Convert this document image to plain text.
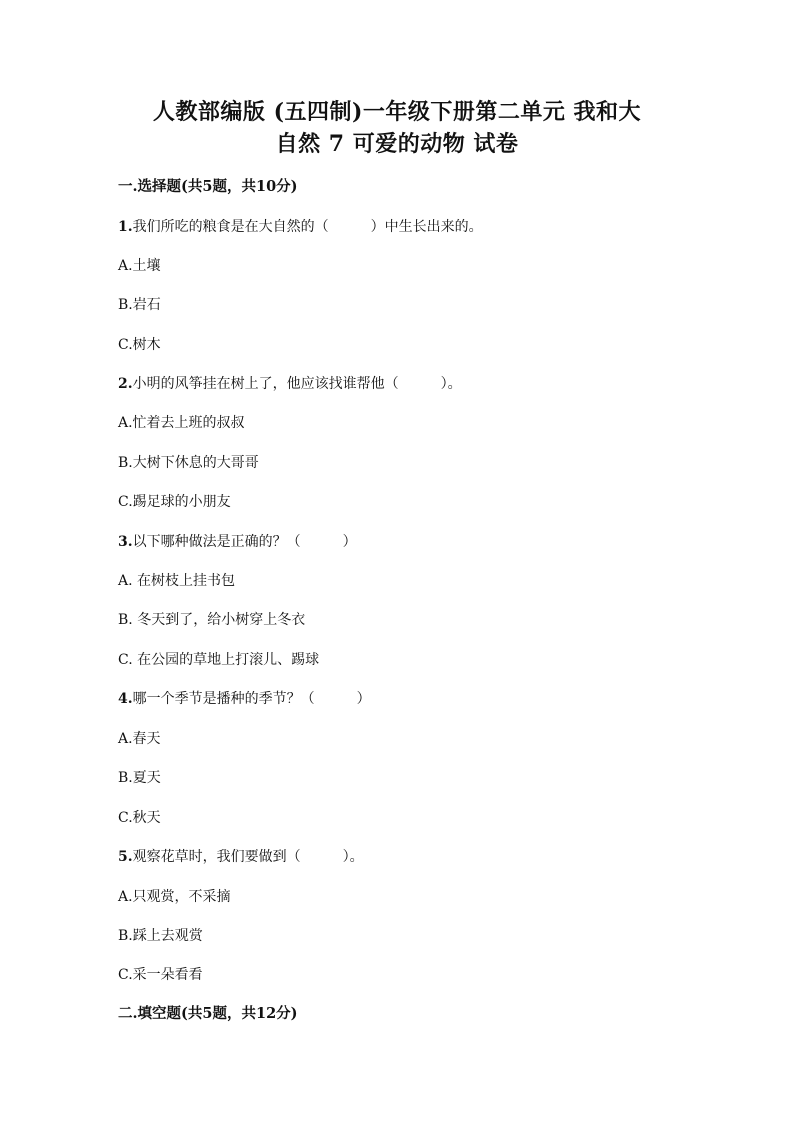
人教部编版 (五四制)一年级下册第二单元 我和大
自然 7 可爱的动物 试卷
一.选择题(共5题，共10分)
1.我们所吃的粮食是在大自然的（　　　）中生长出来的。
A.土壤
B.岩石
C.树木
2.小明的风筝挂在树上了，他应该找谁帮他（　　　）。
A.忙着去上班的叔叔
B.大树下休息的大哥哥
C.踢足球的小朋友
3.以下哪种做法是正确的？（　　　）
A. 在树枝上挂书包
B. 冬天到了，给小树穿上冬衣
C. 在公园的草地上打滚儿、踢球
4.哪一个季节是播种的季节？（　　　）
A.春天
B.夏天
C.秋天
5.观察花草时，我们要做到（　　　）。
A.只观赏，不采摘
B.踩上去观赏
C.采一朵看看
二.填空题(共5题，共12分)
